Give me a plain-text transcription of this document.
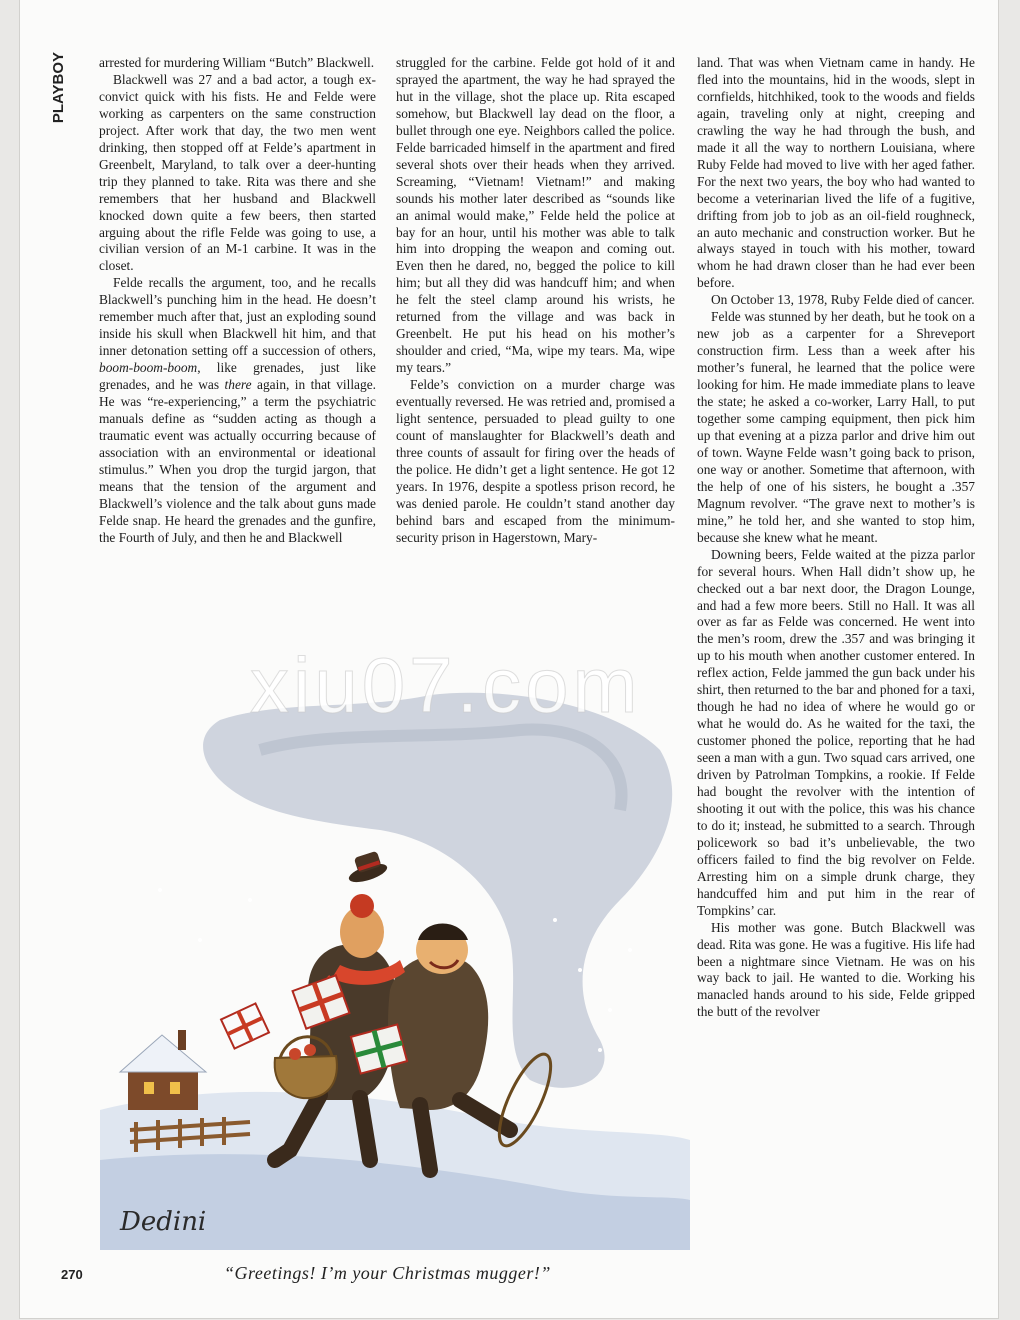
PLAYBOY	arrested for murdering William “Butch” Blackwell.

Blackwell was 27 and a bad actor, a tough ex-convict quick with his fists. He and Felde were working as carpenters on the same construction project. After work that day, the two men went drinking, then stopped off at Felde’s apartment in Greenbelt, Maryland, to talk over a deer-hunting trip they planned to take. Rita was there and she remembers that her husband and Blackwell knocked down quite a few beers, then started arguing about the rifle Felde was going to use, a civilian version of an M-1 carbine. It was in the closet.

Felde recalls the argument, too, and he recalls Blackwell’s punching him in the head. He doesn’t remember much after that, just an exploding sound inside his skull when Blackwell hit him, and that inner detonation setting off a succession of others, boom-boom-boom, like grenades, just like grenades, and he was there again, in that village. He was “re-experiencing,” a term the psychiatric manuals define as “sudden acting as though a traumatic event was actually occurring because of association with an environmental or ideational stimulus.” When you drop the turgid jargon, that means that the tension of the argument and Blackwell’s violence and the talk about guns made Felde snap. He heard the grenades and the gunfire, the Fourth of July, and then he and Blackwell

struggled for the carbine. Felde got hold of it and sprayed the apartment, the way he had sprayed the hut in the village, shot the place up. Rita escaped somehow, but Blackwell lay dead on the floor, a bullet through one eye. Neighbors called the police. Felde barricaded himself in the apartment and fired several shots over their heads when they arrived. Screaming, “Vietnam! Vietnam!” and making sounds his mother later described as “sounds like an animal would make,” Felde held the police at bay for an hour, until his mother was able to talk him into dropping the weapon and coming out. Even then he dared, no, begged the police to kill him; but all they did was handcuff him; and when he felt the steel clamp around his wrists, he returned from the village and was back in Greenbelt. He put his head on his mother’s shoulder and cried, “Ma, wipe my tears. Ma, wipe my tears.”

Felde’s conviction on a murder charge was eventually reversed. He was retried and, promised a light sentence, persuaded to plead guilty to one count of manslaughter for Blackwell’s death and three counts of assault for firing over the heads of the police. He didn’t get a light sentence. He got 12 years. In 1976, despite a spotless prison record, he was denied parole. He couldn’t stand another day behind bars and escaped from the minimum-security prison in Hagerstown, Mary-

land. That was when Vietnam came in handy. He fled into the mountains, hid in the woods, slept in cornfields, hitchhiked, took to the woods and fields again, traveling only at night, creeping and crawling the way he had through the bush, and made it all the way to northern Louisiana, where Ruby Felde had moved to live with her aged father. For the next two years, the boy who had wanted to become a veterinarian lived the life of a fugitive, drifting from job to job as an oil-field roughneck, an auto mechanic and construction worker. But he always stayed in touch with his mother, toward whom he had drawn closer than he had ever been before.

On October 13, 1978, Ruby Felde died of cancer.

Felde was stunned by her death, but he took on a new job as a carpenter for a Shreveport construction firm. Less than a week after his mother’s funeral, he learned that the police were looking for him. He made immediate plans to leave the state; he asked a co-worker, Larry Hall, to put together some camping equipment, then pick him up that evening at a pizza parlor and drive him out of town. Wayne Felde wasn’t going back to prison, one way or another. Sometime that afternoon, with the help of one of his sisters, he bought a .357 Magnum revolver. “The grave next to mother’s is mine,” he told her, and she wanted to stop him, because she knew what he meant.

Downing beers, Felde waited at the pizza parlor for several hours. When Hall didn’t show up, he checked out a bar next door, the Dragon Lounge, and had a few more beers. Still no Hall. It was all over as far as Felde was concerned. He went into the men’s room, drew the .357 and was bringing it up to his mouth when another customer entered. In reflex action, Felde jammed the gun back under his shirt, then returned to the bar and phoned for a taxi, though he had no idea of where he would go or what he would do. As he waited for the taxi, the customer phoned the police, reporting that he had seen a man with a gun. Two squad cars arrived, one driven by Patrolman Tompkins, a rookie. If Felde had bought the revolver with the intention of shooting it out with the police, this was his chance to do it; instead, he submitted to a search. Through policework so bad it’s unbelievable, the two officers failed to find the big revolver on Felde. Arresting him on a simple drunk charge, they handcuffed him and put him in the rear of Tompkins’ car.

His mother was gone. Butch Blackwell was dead. Rita was gone. He was a fugitive. His life had been a nightmare since Vietnam. He was on his way back to jail. He wanted to die. Working his manacled hands around to his side, Felde gripped the butt of the revolver

Dedini
xiu07.com
“Greetings! I’m your Christmas mugger!”
270
